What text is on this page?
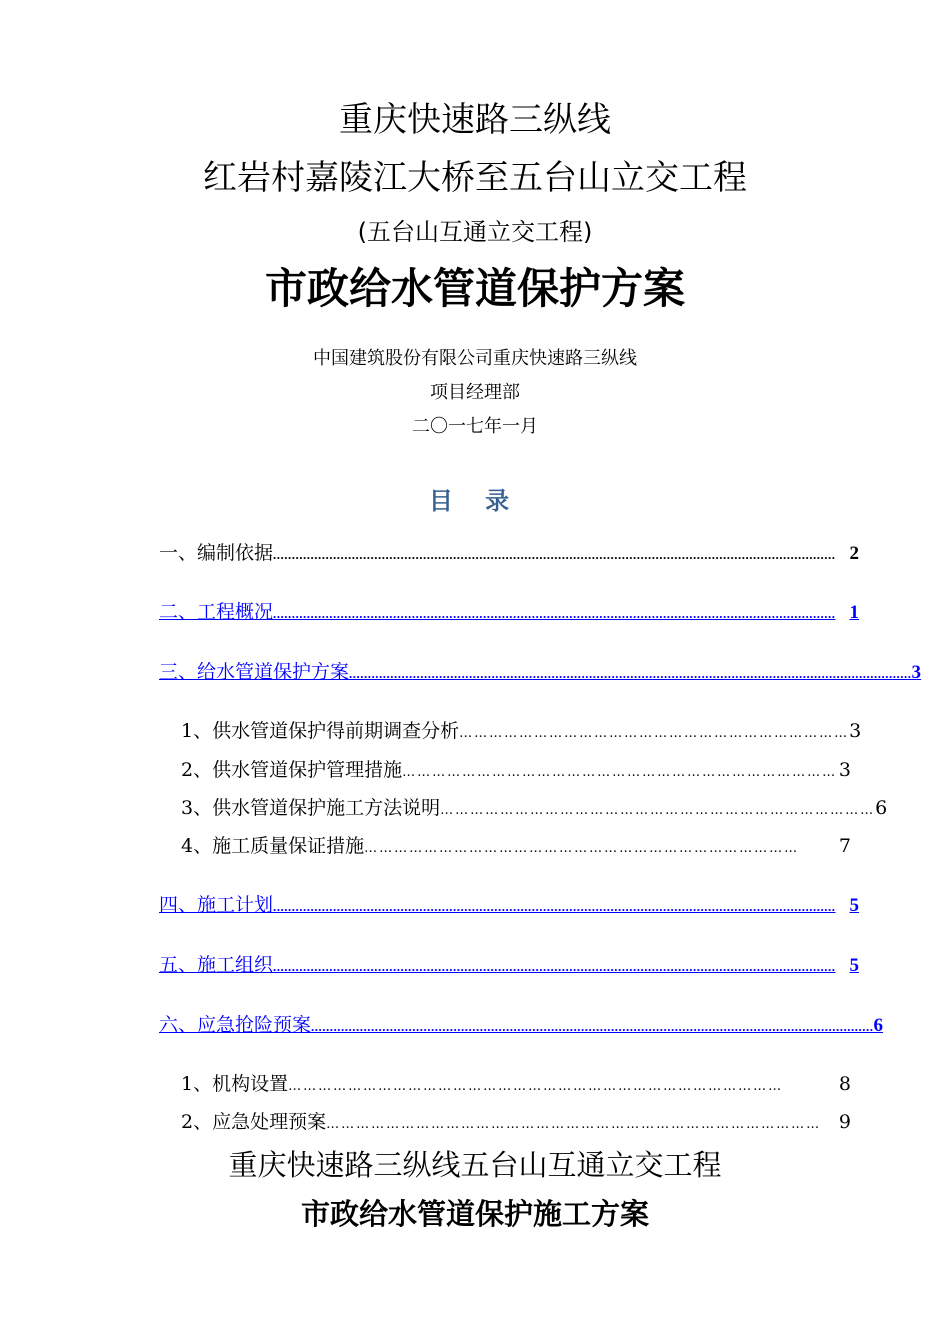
重庆快速路三纵线
红岩村嘉陵江大桥至五台山立交工程
(五台山互通立交工程)
市政给水管道保护方案
中国建筑股份有限公司重庆快速路三纵线
项目经理部
二〇一七年一月
目 录
一、编制依据 ...................................................................................................................................................... 2
二、工程概况 ...................................................................................................................................................... 1
三、给水管道保护方案 ...................................................................................................................................................... 3
1、供水管道保护得前期调查分析 …………………………………………………………………… 3
2、供水管道保护管理措施 …………………………………………………………………………… 3
3、供水管道保护施工方法说明 …………………………………………………………………………… 6
4、施工质量保证措施 ……………………………………………………………………………	7
四、施工计划 ...................................................................................................................................................... 5
五、施工组织 ...................................................................................................................................................... 5
六、应急抢险预案 ...................................................................................................................................................... 6
1、机构设置 ………………………………………………………………………………………	8
2、应急处理预案 ……………………………………………………………………………………… 9
重庆快速路三纵线五台山互通立交工程
市政给水管道保护施工方案
